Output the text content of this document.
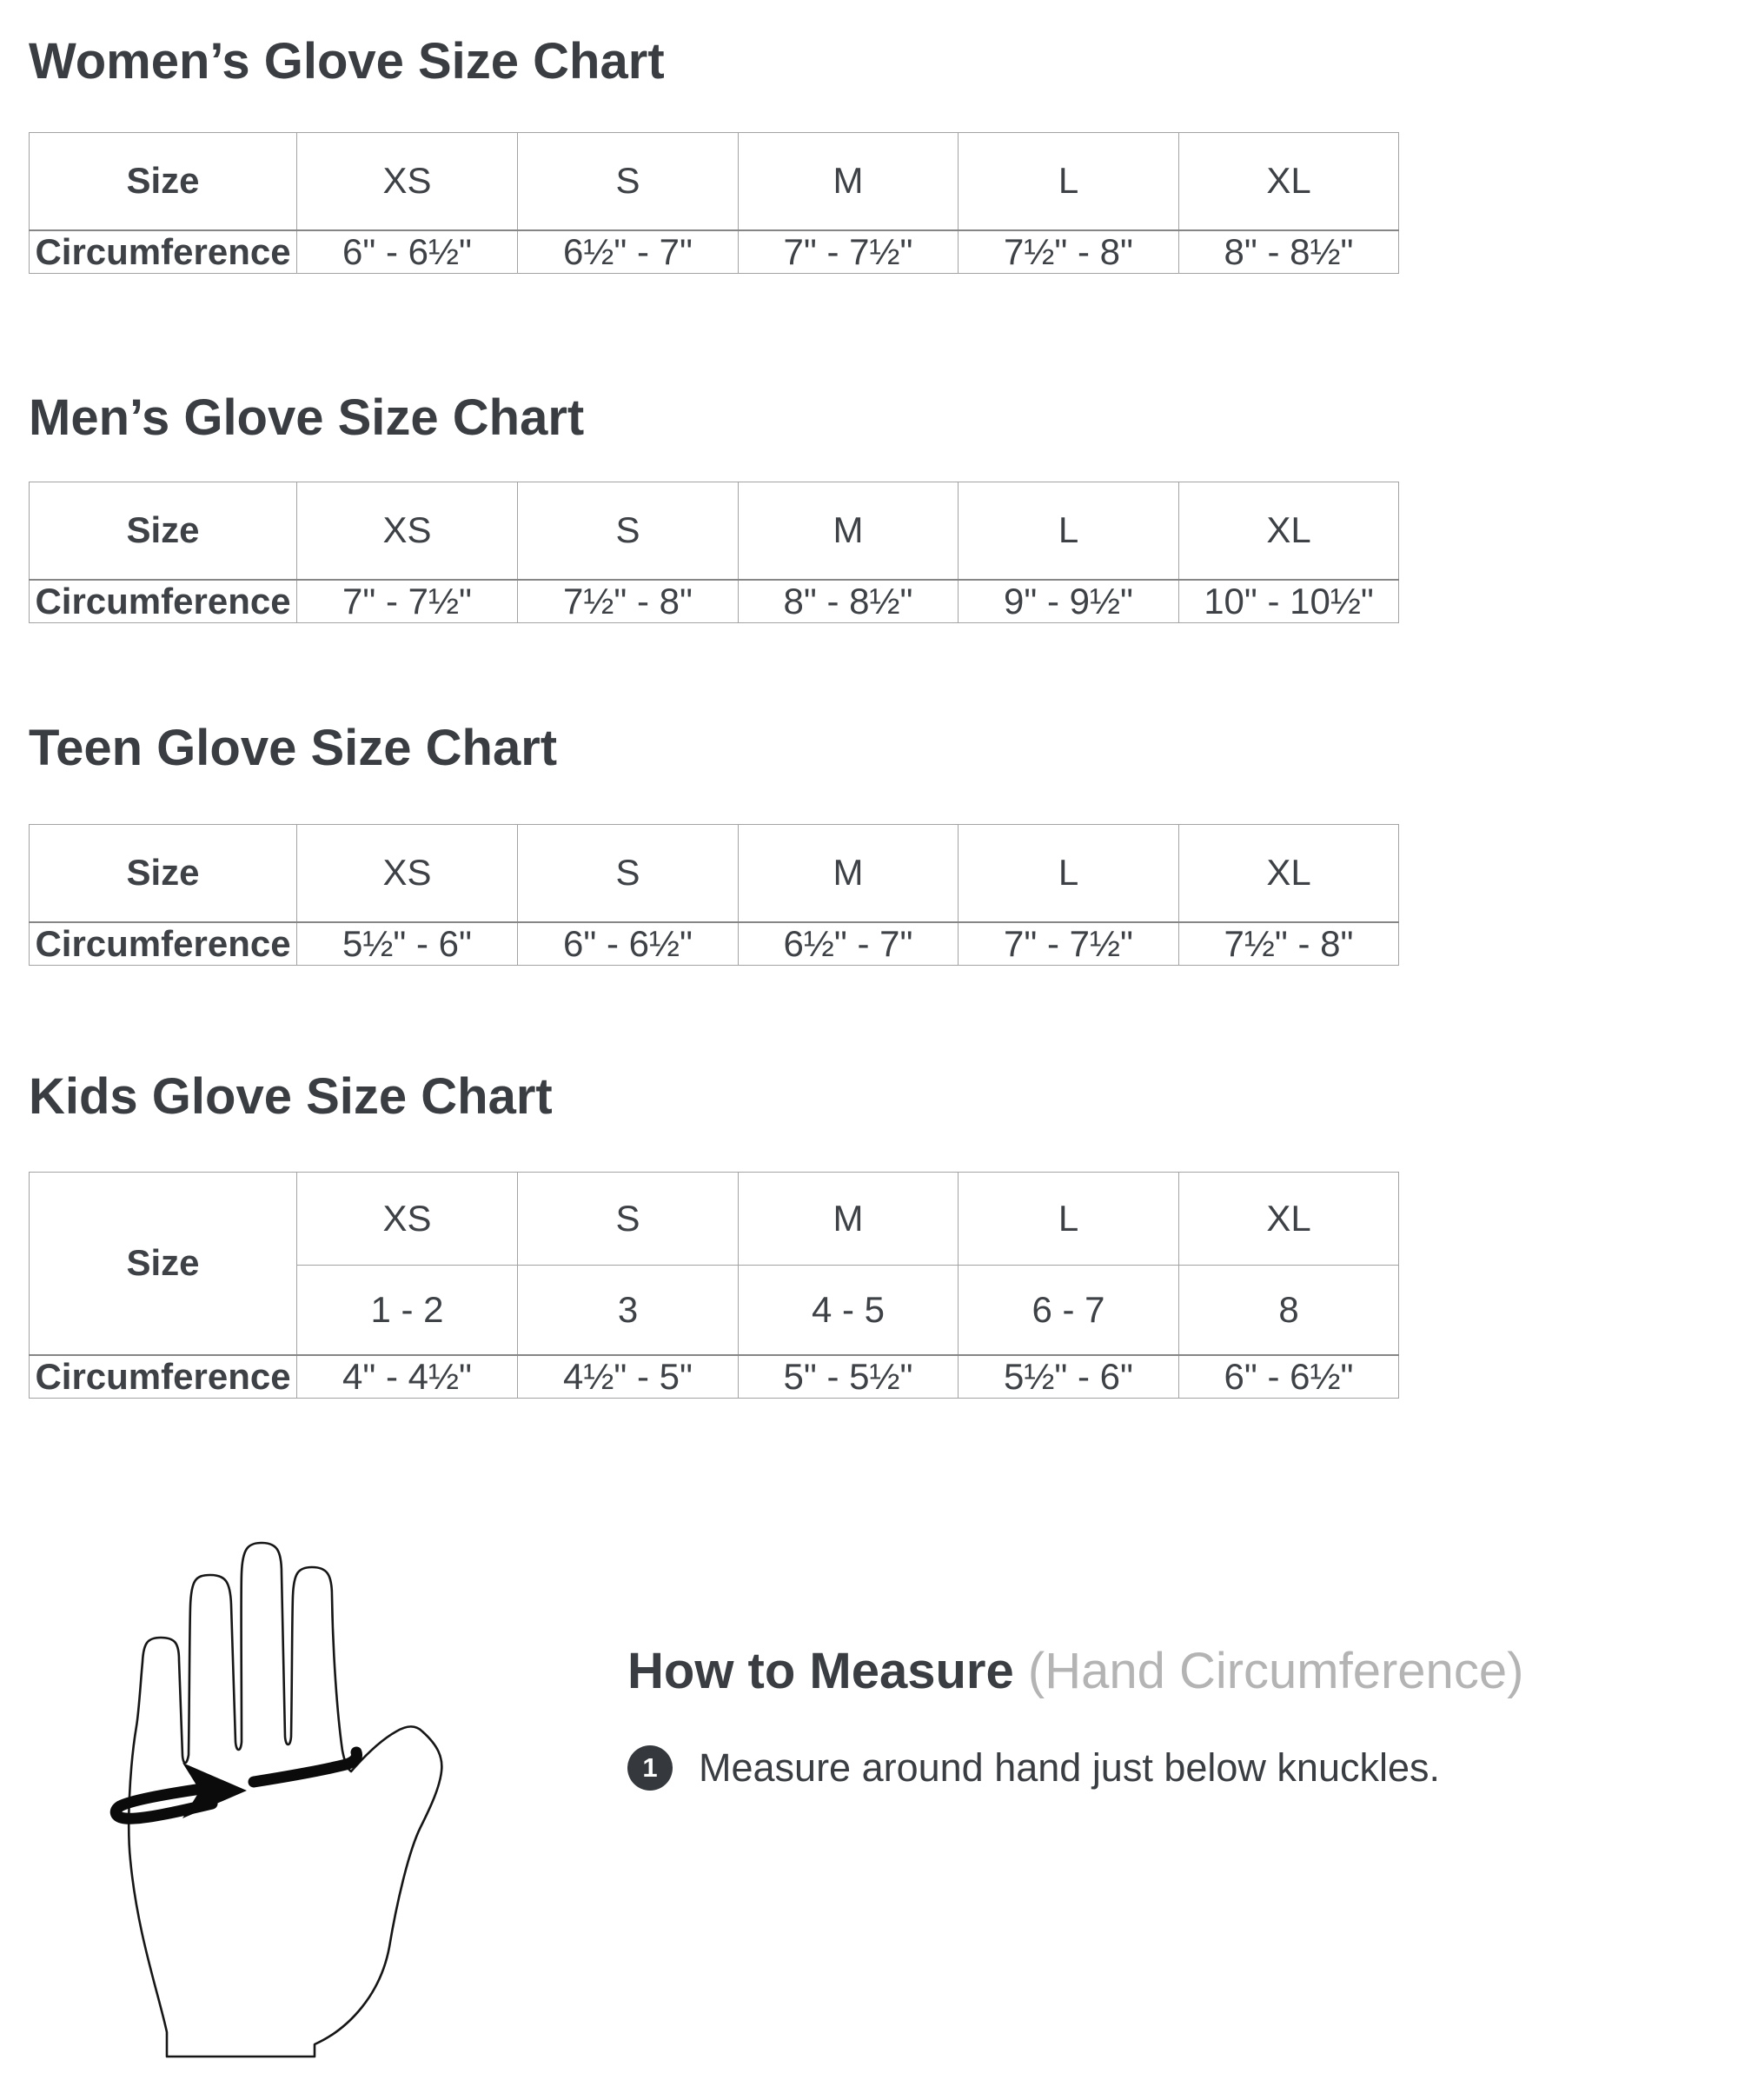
Women’s Glove Size Chart
Size	XS	S	M	L	XL
Circumference	6" - 6½"	6½" - 7"	7" - 7½"	7½" - 8"	8" - 8½"
Men’s Glove Size Chart
Size	XS	S	M	L	XL
Circumference	7" - 7½"	7½" - 8"	8" - 8½"	9" - 9½"	10" - 10½"
Teen Glove Size Chart
Size	XS	S	M	L	XL
Circumference	5½" - 6"	6" - 6½"	6½" - 7"	7" - 7½"	7½" - 8"
Kids Glove Size Chart
Size	XS	S	M	L	XL
	1 - 2	3	4 - 5	6 - 7	8
Circumference	4" - 4½"	4½" - 5"	5" - 5½"	5½" - 6"	6" - 6½"
How to Measure (Hand Circumference)
1	Measure around hand just below knuckles.
